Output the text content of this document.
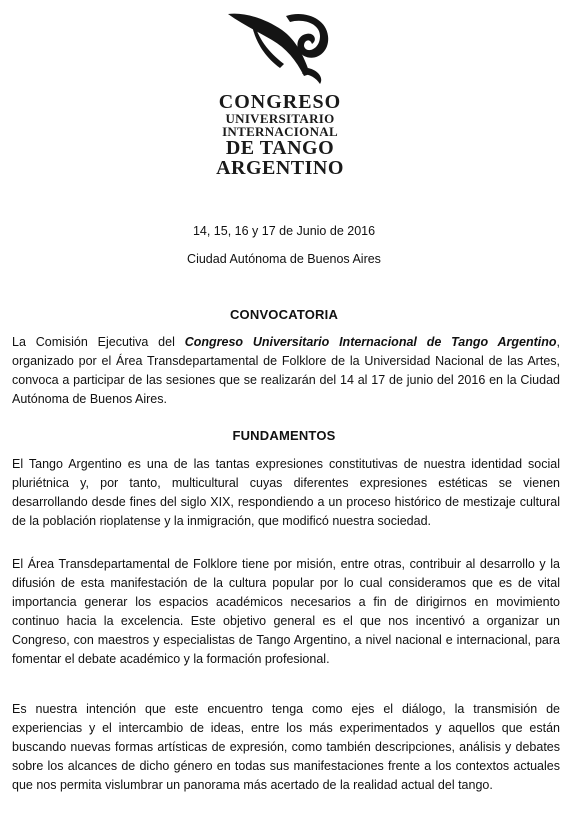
CONGRESO
UNIVERSITARIO
INTERNACIONAL
DE TANGO
ARGENTINO
14, 15, 16 y 17 de Junio de 2016
Ciudad Autónoma de Buenos Aires
CONVOCATORIA

La Comisión Ejecutiva del Congreso Universitario Internacional de Tango Argentino, organizado por el Área Transdepartamental de Folklore de la Universidad Nacional de las Artes, convoca a participar de las sesiones que se realizarán del 14 al 17 de junio del 2016 en la Ciudad Autónoma de Buenos Aires.

FUNDAMENTOS

El Tango Argentino es una de las tantas expresiones constitutivas de nuestra identidad social pluriétnica y, por tanto, multicultural cuyas diferentes expresiones estéticas se vienen desarrollando desde fines del siglo XIX, respondiendo a un proceso histórico de mestizaje cultural de la población rioplatense y la inmigración, que modificó nuestra sociedad.

El Área Transdepartamental de Folklore tiene por misión, entre otras, contribuir al desarrollo y la difusión de esta manifestación de la cultura popular por lo cual consideramos que es de vital importancia generar los espacios académicos necesarios a fin de dirigirnos en movimiento continuo hacia la excelencia. Este objetivo general es el que nos incentivó a organizar un Congreso, con maestros y especialistas de Tango Argentino, a nivel nacional e internacional, para fomentar el debate académico y la formación profesional.

Es nuestra intención que este encuentro tenga como ejes el diálogo, la transmisión de experiencias y el intercambio de ideas, entre los más experimentados y aquellos que están buscando nuevas formas artísticas de expresión, como también descripciones, análisis y debates sobre los alcances de dicho género en todas sus manifestaciones frente a los contextos actuales que nos permita vislumbrar un panorama más acertado de la realidad actual del tango.
